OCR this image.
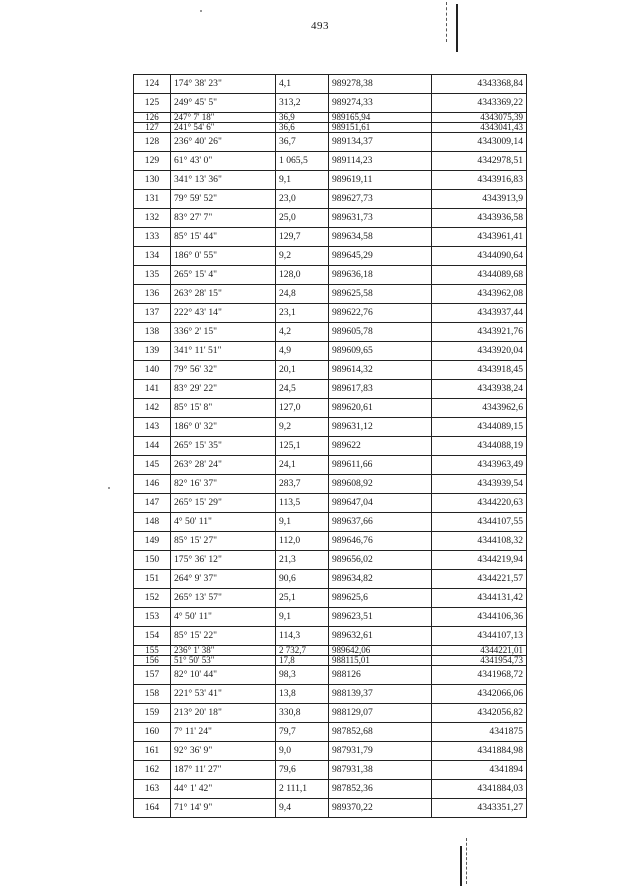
493
124	174° 38' 23"	4,1	989278,38	4343368,84
125	249° 45' 5"	313,2	989274,33	4343369,22
126	247° 7' 18"	36,9	989165,94	4343075,39
127	241° 54' 6"	36,6	989151,61	4343041,43
128	236° 40' 26"	36,7	989134,37	4343009,14
129	61° 43' 0"	1 065,5	989114,23	4342978,51
130	341° 13' 36"	9,1	989619,11	4343916,83
131	79° 59' 52"	23,0	989627,73	4343913,9
132	83° 27' 7"	25,0	989631,73	4343936,58
133	85° 15' 44"	129,7	989634,58	4343961,41
134	186° 0' 55"	9,2	989645,29	4344090,64
135	265° 15' 4"	128,0	989636,18	4344089,68
136	263° 28' 15"	24,8	989625,58	4343962,08
137	222° 43' 14"	23,1	989622,76	4343937,44
138	336° 2' 15"	4,2	989605,78	4343921,76
139	341° 11' 51"	4,9	989609,65	4343920,04
140	79° 56' 32"	20,1	989614,32	4343918,45
141	83° 29' 22"	24,5	989617,83	4343938,24
142	85° 15' 8"	127,0	989620,61	4343962,6
143	186° 0' 32"	9,2	989631,12	4344089,15
144	265° 15' 35"	125,1	989622	4344088,19
145	263° 28' 24"	24,1	989611,66	4343963,49
146	82° 16' 37"	283,7	989608,92	4343939,54
147	265° 15' 29"	113,5	989647,04	4344220,63
148	4° 50' 11"	9,1	989637,66	4344107,55
149	85° 15' 27"	112,0	989646,76	4344108,32
150	175° 36' 12"	21,3	989656,02	4344219,94
151	264° 9' 37"	90,6	989634,82	4344221,57
152	265° 13' 57"	25,1	989625,6	4344131,42
153	4° 50' 11"	9,1	989623,51	4344106,36
154	85° 15' 22"	114,3	989632,61	4344107,13
155	236° 1' 38"	2 732,7	989642,06	4344221,01
156	51° 50' 53"	17,8	988115,01	4341954,73
157	82° 10' 44"	98,3	988126	4341968,72
158	221° 53' 41"	13,8	988139,37	4342066,06
159	213° 20' 18"	330,8	988129,07	4342056,82
160	7° 11' 24"	79,7	987852,68	4341875
161	92° 36' 9"	9,0	987931,79	4341884,98
162	187° 11' 27"	79,6	987931,38	4341894
163	44° 1' 42"	2 111,1	987852,36	4341884,03
164	71° 14' 9"	9,4	989370,22	4343351,27
